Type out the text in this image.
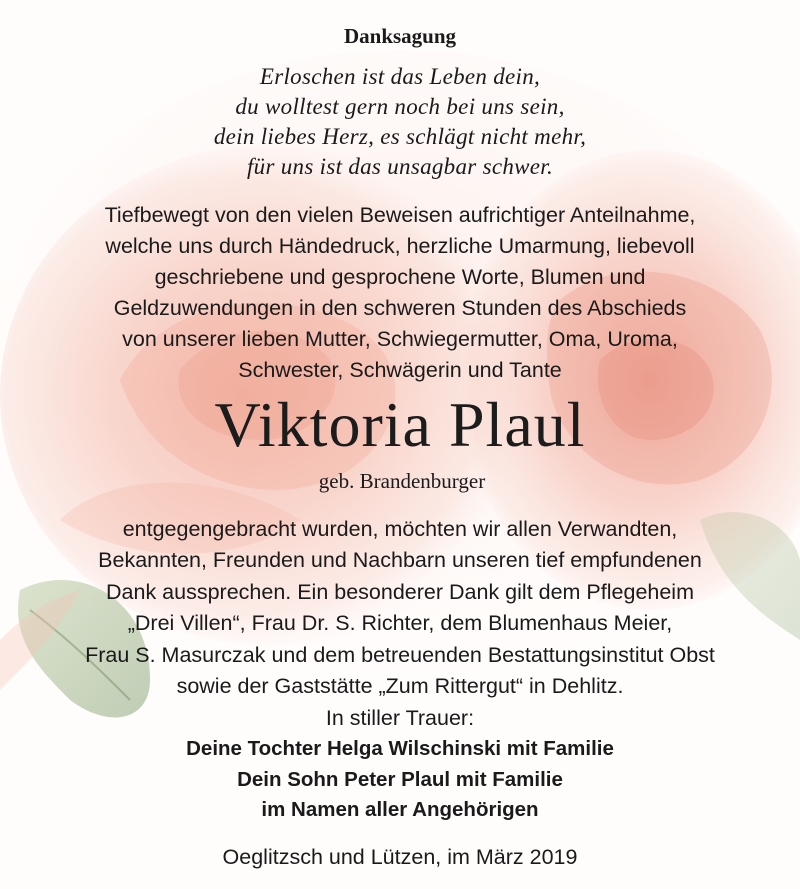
Danksagung
Erloschen ist das Leben dein,
du wolltest gern noch bei uns sein,
dein liebes Herz, es schlägt nicht mehr,
für uns ist das unsagbar schwer.
Tiefbewegt von den vielen Beweisen aufrichtiger Anteilnahme,
welche uns durch Händedruck, herzliche Umarmung, liebevoll
geschriebene und gesprochene Worte, Blumen und
Geldzuwendungen in den schweren Stunden des Abschieds
von unserer lieben Mutter, Schwiegermutter, Oma, Uroma,
Schwester, Schwägerin und Tante
Viktoria Plaul
geb. Brandenburger
entgegengebracht wurden, möchten wir allen Verwandten,
Bekannten, Freunden und Nachbarn unseren tief empfundenen
Dank aussprechen. Ein besonderer Dank gilt dem Pflegeheim
„Drei Villen“, Frau Dr. S. Richter, dem Blumenhaus Meier,
Frau S. Masurczak und dem betreuenden Bestattungsinstitut Obst
sowie der Gaststätte „Zum Rittergut“ in Dehlitz.
In stiller Trauer:
Deine Tochter Helga Wilschinski mit Familie
Dein Sohn Peter Plaul mit Familie
im Namen aller Angehörigen
Oeglitzsch und Lützen, im März 2019
